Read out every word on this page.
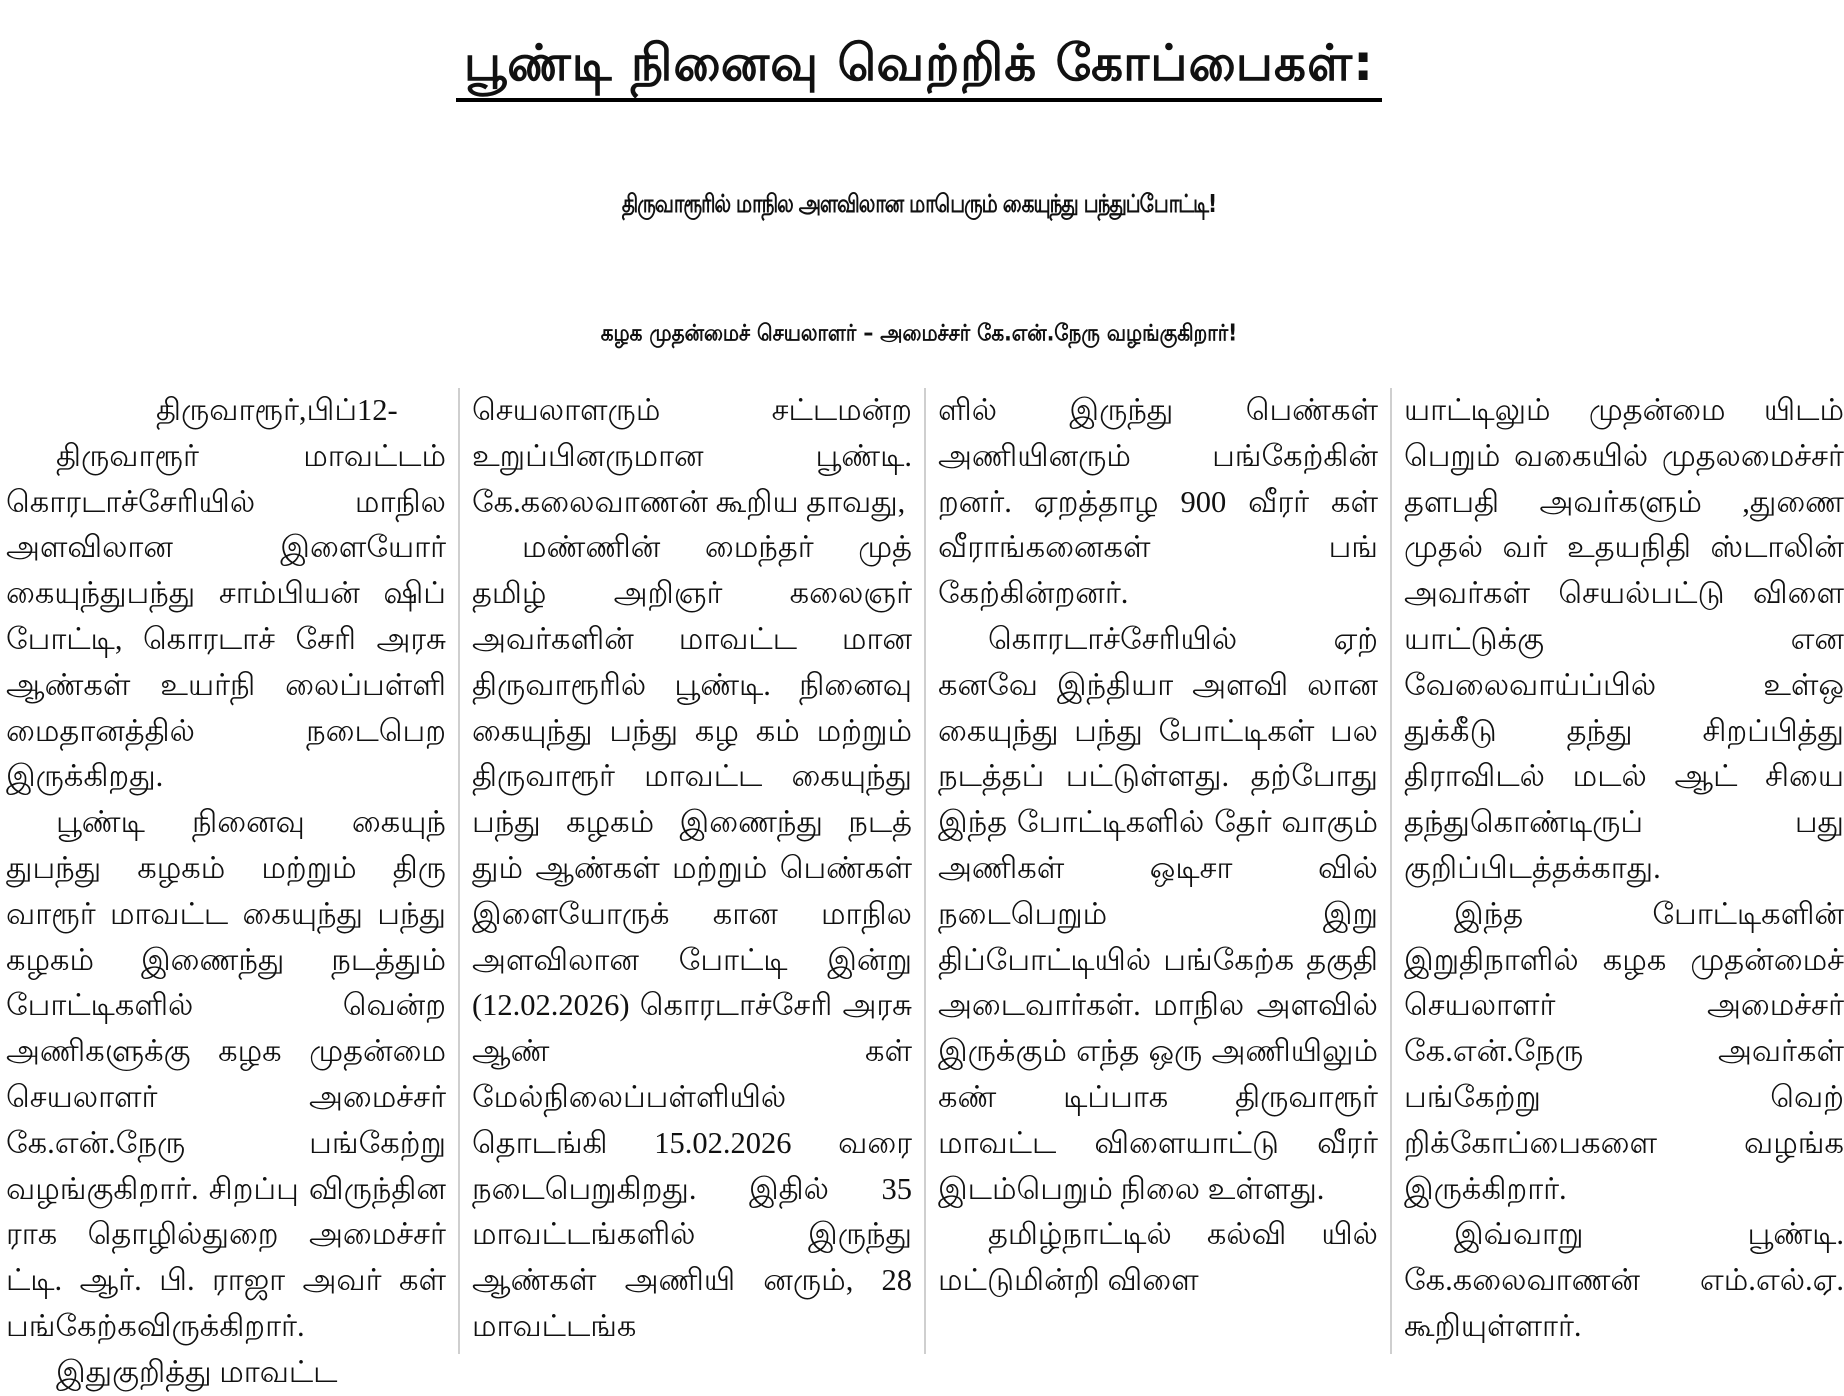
பூண்டி நினைவு வெற்றிக் கோப்பைகள்:
திருவாரூரில் மாநில அளவிலான மாபெரும் கையுந்து பந்துப்போட்டி!
கழக முதன்மைச் செயலாளர் – அமைச்சர் கே.என்.நேரு வழங்குகிறார்!

திருவாரூர்,பிப்12-

திருவாரூர் மாவட்டம் கொரடாச்சேரியில் மாநில அளவிலான இளையோர் கையுந்துபந்து சாம்பியன் ஷிப் போட்டி, கொரடாச் சேரி அரசு ஆண்கள் உயர்நி லைப்பள்ளி மைதானத்தில் நடைபெற இருக்கிறது.

பூண்டி நினைவு கையுந் துபந்து கழகம் மற்றும் திரு வாரூர் மாவட்ட கையுந்து பந்து கழகம் இணைந்து நடத்தும் போட்டிகளில் வென்ற அணிகளுக்கு கழக முதன்மை செயலாளர் அமைச்சர் கே.என்.நேரு பங்கேற்று வழங்குகிறார். சிறப்பு விருந்தின ராக தொழில்துறை அமைச்சர் ட்டி. ஆர். பி. ராஜா அவர் கள் பங்கேற்கவிருக்கிறார்.

இதுகுறித்து மாவட்ட

செயலாளரும் சட்டமன்ற உறுப்பினருமான பூண்டி. கே.கலைவாணன் கூறிய தாவது,

மண்ணின் மைந்தர் முத் தமிழ் அறிஞர் கலைஞர் அவர்களின் மாவட்ட மான திருவாரூரில் பூண்டி. நினைவு கையுந்து பந்து கழ கம் மற்றும் திருவாரூர் மாவட்ட கையுந்து பந்து கழகம் இணைந்து நடத் தும் ஆண்கள் மற்றும் பெண்கள் இளையோருக் கான மாநில அளவிலான போட்டி இன்று (12.02.2026) கொரடாச்சேரி அரசு ஆண் கள் மேல்நிலைப்பள்ளியில் தொடங்கி 15.02.2026 வரை நடைபெறுகிறது. இதில் 35 மாவட்டங்களில் இருந்து ஆண்கள் அணியி னரும், 28 மாவட்டங்க

ளில் இருந்து பெண்கள் அணியினரும் பங்கேற்கின் றனர். ஏறத்தாழ 900 வீரர் கள் வீராங்கனைகள் பங் கேற்கின்றனர்.

கொரடாச்சேரியில் ஏற் கனவே இந்தியா அளவி லான கையுந்து பந்து போட்டிகள் பல நடத்தப் பட்டுள்ளது. தற்போது இந்த போட்டிகளில் தேர் வாகும் அணிகள் ஒடிசா வில் நடைபெறும் இறு திப்போட்டியில் பங்கேற்க தகுதி அடைவார்கள். மாநில அளவில் இருக்கும் எந்த ஒரு அணியிலும் கண் டிப்பாக திருவாரூர் மாவட்ட விளையாட்டு வீரர் இடம்பெறும் நிலை உள்ளது.

தமிழ்நாட்டில் கல்வி யில் மட்டுமின்றி விளை

யாட்டிலும் முதன்மை யிடம் பெறும் வகையில் முதலமைச்சர் தளபதி அவர்களும் ,துணை முதல் வர் உதயநிதி ஸ்டாலின் அவர்கள் செயல்பட்டு விளை யாட்டுக்கு என வேலைவாய்ப்பில் உள்ஒ துக்கீடு தந்து சிறப்பித்து திராவிடல் மடல் ஆட் சியை தந்துகொண்டிருப் பது குறிப்பிடத்தக்காது.

இந்த போட்டிகளின் இறுதிநாளில் கழக முதன்மைச் செயலாளர் அமைச்சர் கே.என்.நேரு அவர்கள் பங்கேற்று வெற் றிக்கோப்பைகளை வழங்க இருக்கிறார்.

இவ்வாறு பூண்டி. கே.கலைவாணன் எம்.எல்.ஏ. கூறியுள்ளார்.
